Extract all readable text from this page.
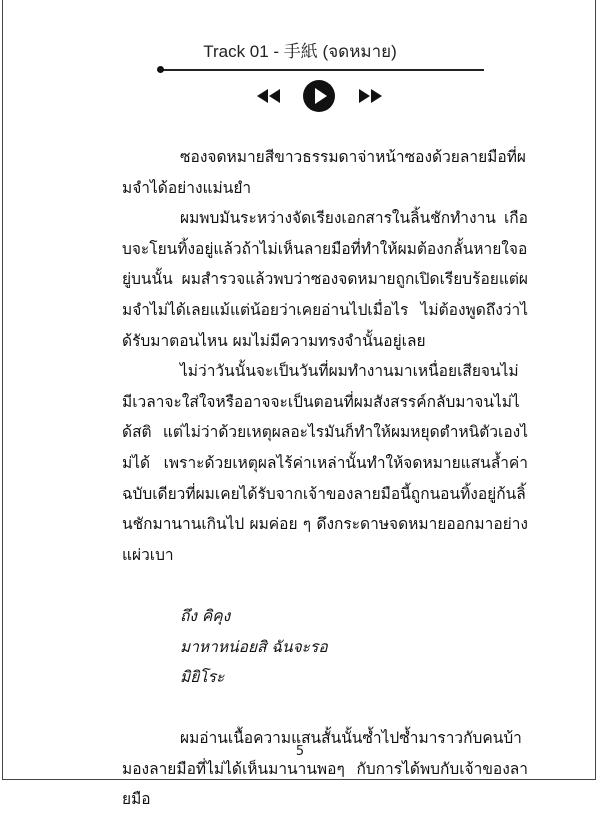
Track 01 - 手紙 (จดหมาย)

ซองจดหมายสีขาวธรรมดาจ่าหน้าซองด้วยลายมือที่ผมจำได้อย่างแม่นยำ

ผมพบมันระหว่างจัดเรียงเอกสารในลิ้นชักทำงาน เกือบจะโยนทิ้งอยู่แล้วถ้าไม่เห็นลายมือที่ทำให้ผมต้องกลั้นหายใจอยู่บนนั้น ผมสำรวจแล้วพบว่าซองจดหมายถูกเปิดเรียบร้อยแต่ผมจำไม่ได้เลยแม้แต่น้อยว่าเคยอ่านไปเมื่อไร ไม่ต้องพูดถึงว่าได้รับมาตอนไหน ผมไม่มีความทรงจำนั้นอยู่เลย

ไม่ว่าวันนั้นจะเป็นวันที่ผมทำงานมาเหนื่อยเสียจนไม่มีเวลาจะใส่ใจหรืออาจจะเป็นตอนที่ผมสังสรรค์กลับมาจนไม่ได้สติ แต่ไม่ว่าด้วยเหตุผลอะไรมันก็ทำให้ผมหยุดตำหนิตัวเองไม่ได้ เพราะด้วยเหตุผลไร้ค่าเหล่านั้นทำให้จดหมายแสนล้ำค่าฉบับเดียวที่ผมเคยได้รับจากเจ้าของลายมือนี้ถูกนอนทิ้งอยู่ก้นลิ้นชักมานานเกินไป ผมค่อย ๆ ดึงกระดาษจดหมายออกมาอย่างแผ่วเบา

ถึง คิคุง

มาหาหน่อยสิ ฉันจะรอ

มิยิโระ

ผมอ่านเนื้อความแสนสั้นนั้นซ้ำไปซ้ำมาราวกับคนบ้ามองลายมือที่ไม่ได้เห็นมานานพอๆ กับการได้พบกับเจ้าของลายมือ

5
